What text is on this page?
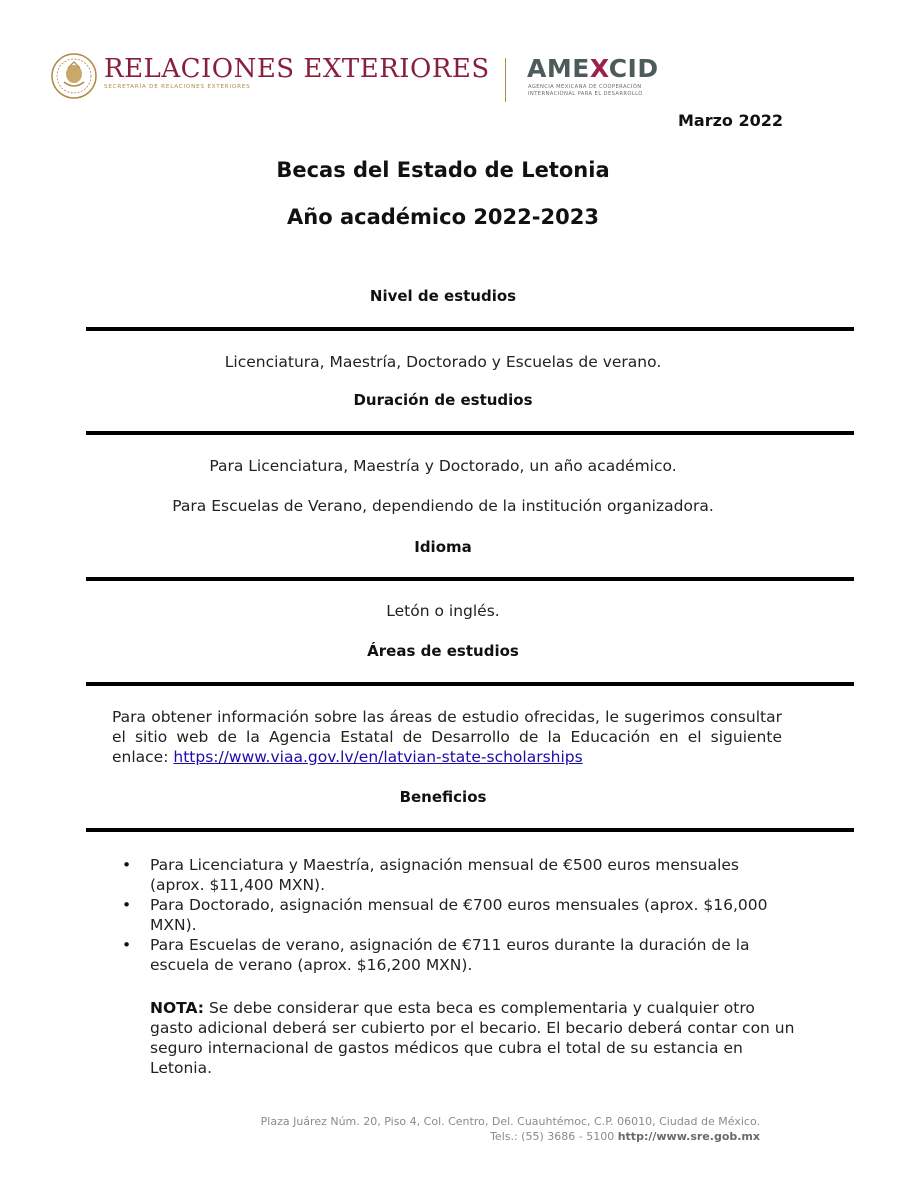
RELACIONES EXTERIORES
SECRETARÍA DE RELACIONES EXTERIORES
AMEXCID
AGENCIA MEXICANA DE COOPERACIÓN
INTERNACIONAL PARA EL DESARROLLO
Marzo 2022
Becas del Estado de Letonia
Año académico 2022-2023
Nivel de estudios
Licenciatura, Maestría, Doctorado y Escuelas de verano.
Duración de estudios
Para Licenciatura, Maestría y Doctorado, un año académico.
Para Escuelas de Verano, dependiendo de la institución organizadora.
Idioma
Letón o inglés.
Áreas de estudios
Para obtener información sobre las áreas de estudio ofrecidas, le sugerimos consultar el sitio web de la Agencia Estatal de Desarrollo de la Educación en el siguiente enlace: https://www.viaa.gov.lv/en/latvian-state-scholarships
Beneficios
• Para Licenciatura y Maestría, asignación mensual de €500 euros mensuales (aprox. $11,400 MXN).
• Para Doctorado, asignación mensual de €700 euros mensuales (aprox. $16,000 MXN).
• Para Escuelas de verano, asignación de €711 euros durante la duración de la escuela de verano (aprox. $16,200 MXN).
NOTA: Se debe considerar que esta beca es complementaria y cualquier otro gasto adicional deberá ser cubierto por el becario. El becario deberá contar con un seguro internacional de gastos médicos que cubra el total de su estancia en Letonia.
Plaza Juárez Núm. 20, Piso 4, Col. Centro, Del. Cuauhtémoc, C.P. 06010, Ciudad de México.
Tels.: (55) 3686 - 5100 http://www.sre.gob.mx
